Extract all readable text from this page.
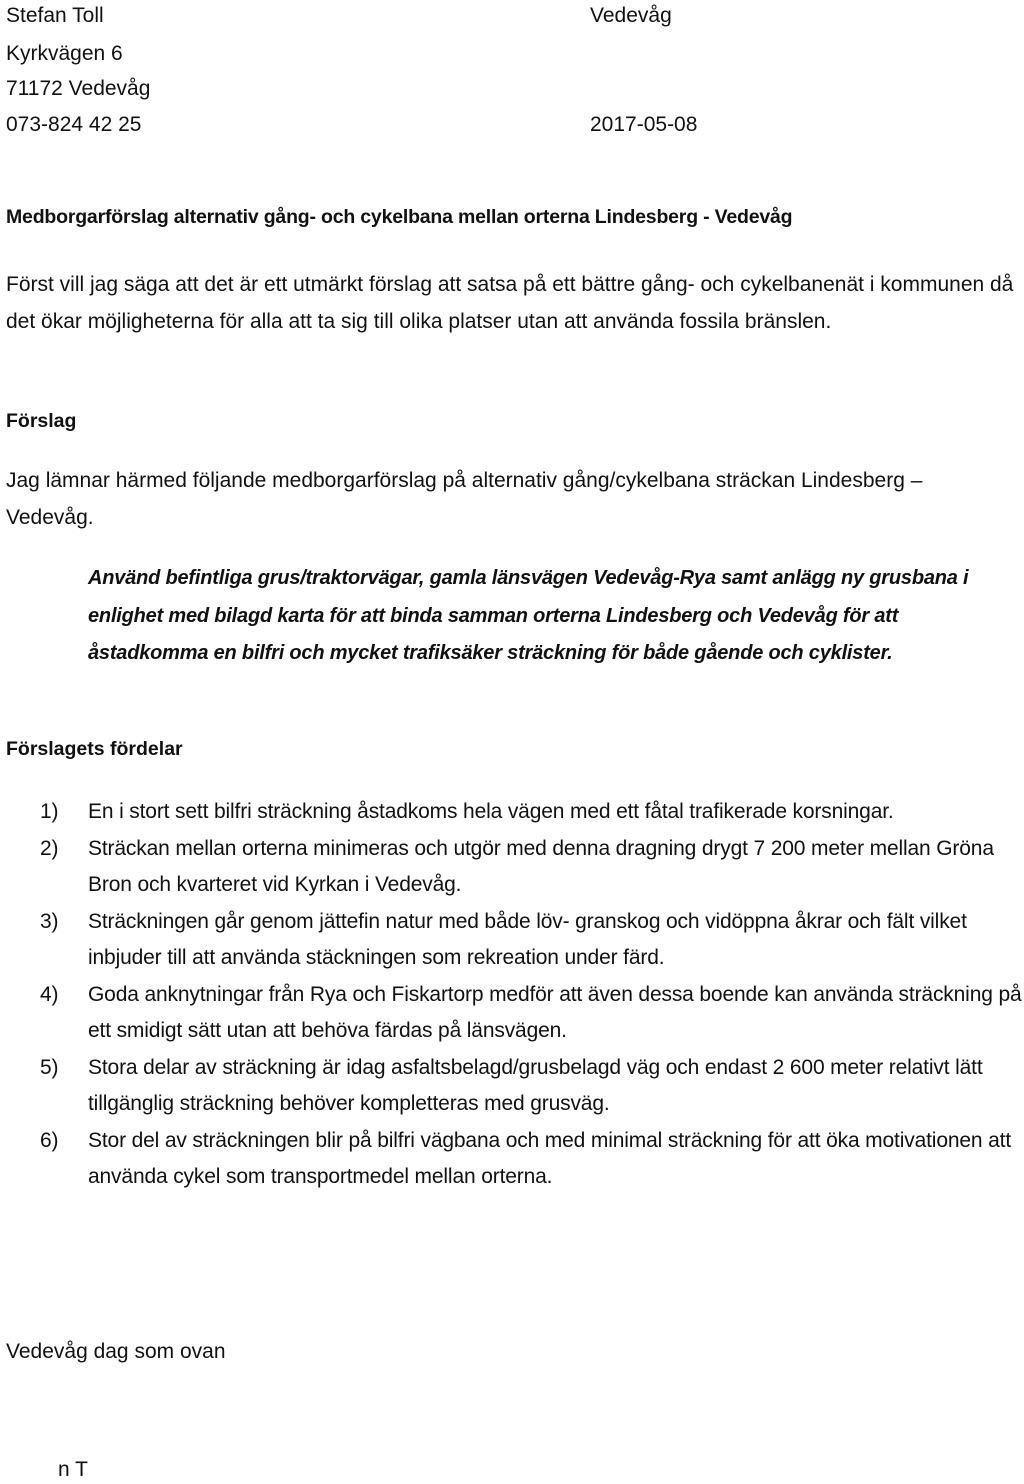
Stefan Toll
Kyrkvägen 6
71172 Vedevåg
073-824 42 25
Vedevåg
2017-05-08
Medborgarförslag alternativ gång- och cykelbana mellan orterna Lindesberg - Vedevåg

Först vill jag säga att det är ett utmärkt förslag att satsa på ett bättre gång- och cykelbanenät i kommunen då det ökar möjligheterna för alla att ta sig till olika platser utan att använda fossila bränslen.

Förslag

Jag lämnar härmed följande medborgarförslag på alternativ gång/cykelbana sträckan Lindesberg – Vedevåg.

Använd befintliga grus/traktorvägar, gamla länsvägen Vedevåg-Rya samt anlägg ny grusbana i enlighet med bilagd karta för att binda samman orterna Lindesberg och Vedevåg för att åstadkomma en bilfri och mycket trafiksäker sträckning för både gående och cyklister.

Förslagets fördelar
1) En i stort sett bilfri sträckning åstadkoms hela vägen med ett fåtal trafikerade korsningar.
2) Sträckan mellan orterna minimeras och utgör med denna dragning drygt 7 200 meter mellan Gröna Bron och kvarteret vid Kyrkan i Vedevåg.
3) Sträckningen går genom jättefin natur med både löv- granskog och vidöppna åkrar och fält vilket inbjuder till att använda stäckningen som rekreation under färd.
4) Goda anknytningar från Rya och Fiskartorp medför att även dessa boende kan använda sträckning på ett smidigt sätt utan att behöva färdas på länsvägen.
5) Stora delar av sträckning är idag asfaltsbelagd/grusbelagd väg och endast 2 600 meter relativt lätt tillgänglig sträckning behöver kompletteras med grusväg.
6) Stor del av sträckningen blir på bilfri vägbana och med minimal sträckning för att öka motivationen att använda cykel som transportmedel mellan orterna.
Vedevåg dag som ovan
n T
